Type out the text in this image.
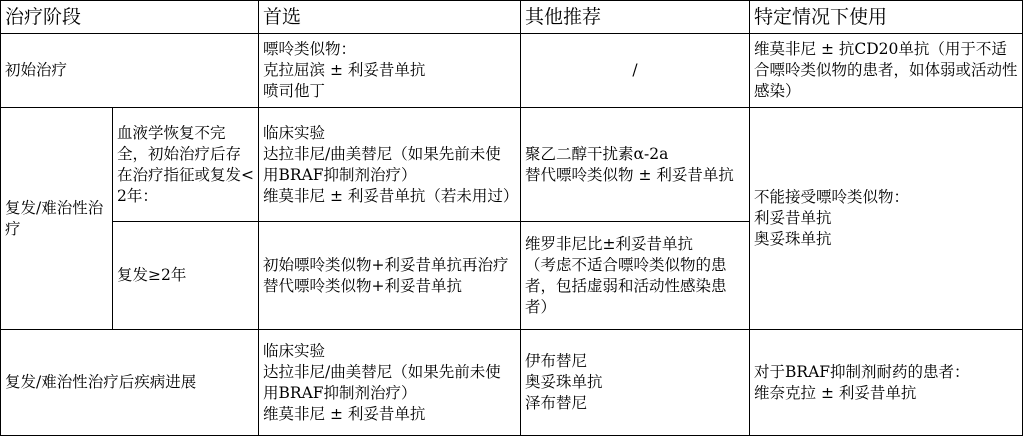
治疗阶段		首选	其他推荐	特定情况下使用
初始治疗		嘌呤类似物：
克拉屈滨 ± 利妥昔单抗
喷司他丁	/	维莫非尼 ± 抗CD20单抗（用于不适合嘌呤类似物的患者，如体弱或活动性感染）
复发/难治性治疗	血液学恢复不完全，初始治疗后存在治疗指征或复发<2年：	临床实验
达拉非尼/曲美替尼（如果先前未使用BRAF抑制剂治疗）
维莫非尼 ± 利妥昔单抗（若未用过）	聚乙二醇干扰素α-2a
替代嘌呤类似物 ± 利妥昔单抗	不能接受嘌呤类似物：
利妥昔单抗
奥妥珠单抗

	复发≥2年	初始嘌呤类似物+利妥昔单抗再治疗
替代嘌呤类似物+利妥昔单抗	维罗非尼比±利妥昔单抗
（考虑不适合嘌呤类似物的患者，包括虚弱和活动性感染患者）	

复发/难治性治疗后疾病进展		临床实验
达拉非尼/曲美替尼（如果先前未使用BRAF抑制剂治疗）
维莫非尼 ± 利妥昔单抗	伊布替尼
奥妥珠单抗
泽布替尼	对于BRAF抑制剂耐药的患者：
维奈克拉 ± 利妥昔单抗
